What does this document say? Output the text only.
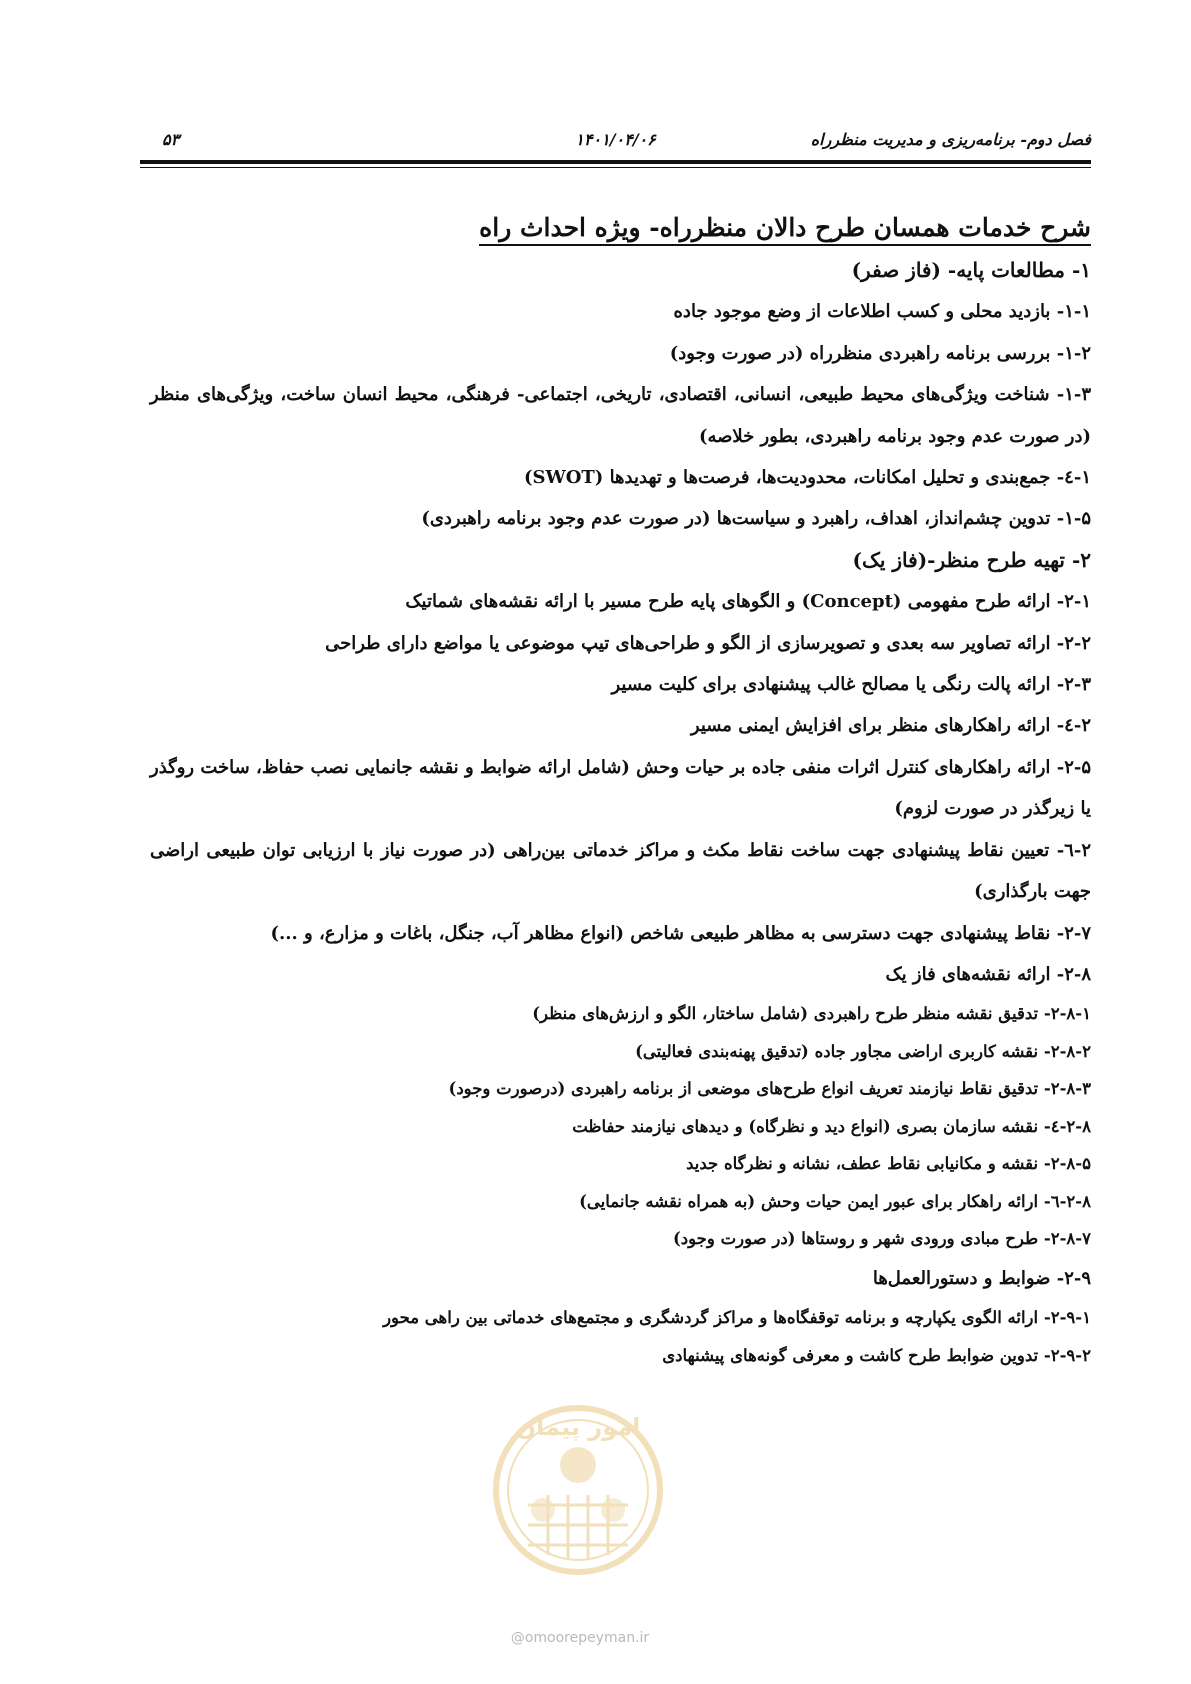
فصل دوم- برنامه‌ریزی و مدیریت منظرراه
۱۴۰۱/۰۴/۰۶
۵۳
شرح خدمات همسان طرح دالان منظرراه- ویژه احداث راه
۱- مطالعات پایه- (فاز صفر)
۱-۱- بازدید محلی و کسب اطلاعات از وضع موجود جاده
۱-۲- بررسی برنامه راهبردی منظرراه (در صورت وجود)
۱-۳- شناخت ویژگی‌های محیط طبیعی، انسانی، اقتصادی، تاریخی، اجتماعی- فرهنگی، محیط انسان ساخت، ویژگی‌های منظر (در صورت عدم وجود برنامه راهبردی، بطور خلاصه)
۱-٤- جمع‌بندی و تحلیل امکانات، محدودیت‌ها، فرصت‌ها و تهدیدها (SWOT)
۱-۵- تدوین چشم‌انداز، اهداف، راهبرد و سیاست‌ها (در صورت عدم وجود برنامه راهبردی)
۲- تهیه طرح منظر-(فاز یک)
۲-۱- ارائه طرح مفهومی (Concept) و الگوهای پایه طرح مسیر با ارائه نقشه‌های شماتیک
۲-۲- ارائه تصاویر سه بعدی و تصویرسازی از الگو و طراحی‌های تیپ موضوعی یا مواضع دارای طراحی
۲-۳- ارائه پالت رنگی یا مصالح غالب پیشنهادی برای کلیت مسیر
۲-٤- ارائه راهکارهای منظر برای افزایش ایمنی مسیر
۲-۵- ارائه راهکارهای کنترل اثرات منفی جاده بر حیات وحش (شامل ارائه ضوابط و نقشه جانمایی نصب حفاظ، ساخت روگذر یا زیرگذر در صورت لزوم)
۲-٦- تعیین نقاط پیشنهادی جهت ساخت نقاط مکث و مراکز خدماتی بین‌راهی (در صورت نیاز با ارزیابی توان طبیعی اراضی جهت بارگذاری)
۲-۷- نقاط پیشنهادی جهت دسترسی به مظاهر طبیعی شاخص (انواع مظاهر آب، جنگل، باغات و مزارع، و ...)
۲-۸- ارائه نقشه‌های فاز یک
۲-۸-۱- تدقیق نقشه منظر طرح راهبردی (شامل ساختار، الگو و ارزش‌های منظر)
۲-۸-۲- نقشه کاربری اراضی مجاور جاده (تدقیق پهنه‌بندی فعالیتی)
۲-۸-۳- تدقیق نقاط نیازمند تعریف انواع طرح‌های موضعی از برنامه راهبردی (درصورت وجود)
۲-۸-٤- نقشه سازمان بصری (انواع دید و نظرگاه) و دیدهای نیازمند حفاظت
۲-۸-۵- نقشه و مکانیابی نقاط عطف، نشانه و نظرگاه جدید
۲-۸-٦- ارائه راهکار برای عبور ایمن حیات وحش (به همراه نقشه جانمایی)
۲-۸-۷- طرح مبادی ورودی شهر و روستاها (در صورت وجود)
۲-۹- ضوابط و دستورالعمل‌ها
۲-۹-۱- ارائه الگوی یکپارچه و برنامه توقفگاه‌ها و مراکز گردشگری و مجتمع‌های خدماتی بین راهی محور
۲-۹-۲- تدوین ضوابط طرح کاشت و معرفی گونه‌های پیشنهادی
امور پیمان
@omoorepeyman.ir
